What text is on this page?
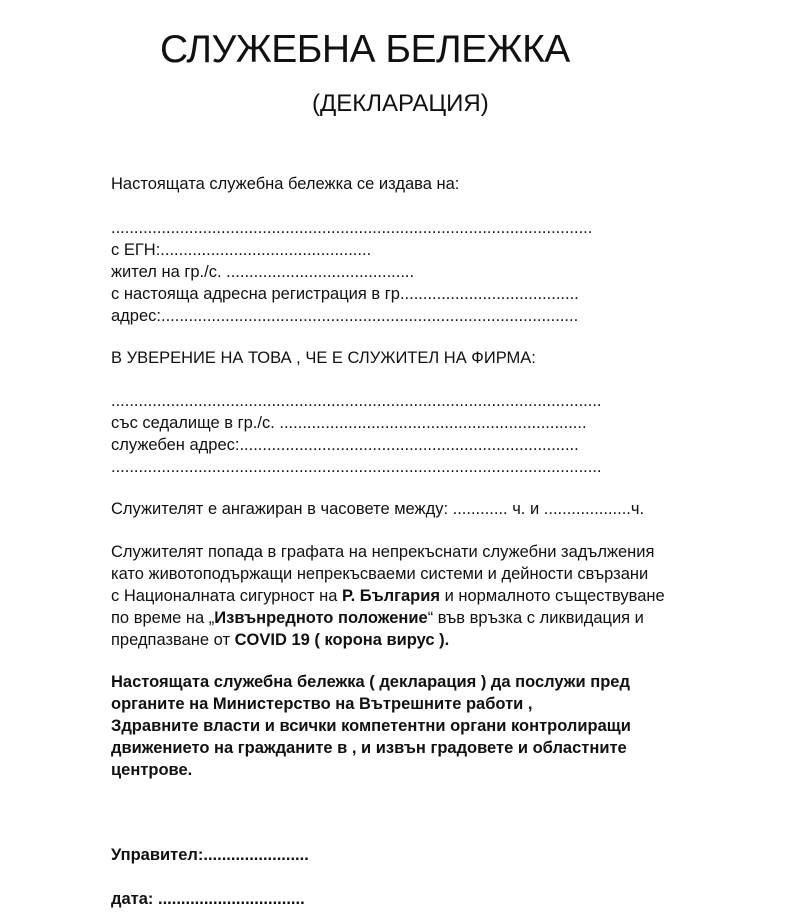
СЛУЖЕБНА БЕЛЕЖКА
(ДЕКЛАРАЦИЯ)
Настоящата служебна бележка се издава на:
.........................................................................................................
с ЕГН:..............................................
жител на гр./с. .........................................
с настояща адресна регистрация в гр.......................................
адрес:...........................................................................................
В УВЕРЕНИЕ НА ТОВА , ЧЕ Е СЛУЖИТЕЛ НА ФИРМА:
...........................................................................................................
със седалище в гр./с. ...................................................................
служебен адрес:..........................................................................
...........................................................................................................
Служителят е ангажиран в часовете между: ............ ч. и ...................ч.
Служителят попада в графата на непрекъснати служебни задължения
като животоподържащи непрекъсваеми системи и дейности свързани
с Националната сигурност на Р. България и нормалното съществуване
по време на „Извънредното положение“ във връзка с ликвидация и
предпазване от COVID 19 ( корона вирус ).
Настоящата служебна бележка ( декларация ) да послужи пред
органите на Министерство на Вътрешните работи ,
Здравните власти и всички компетентни органи контролиращи
движението на гражданите в , и извън градовете и областните
центрове.
Управител:.......................
дата: ................................
